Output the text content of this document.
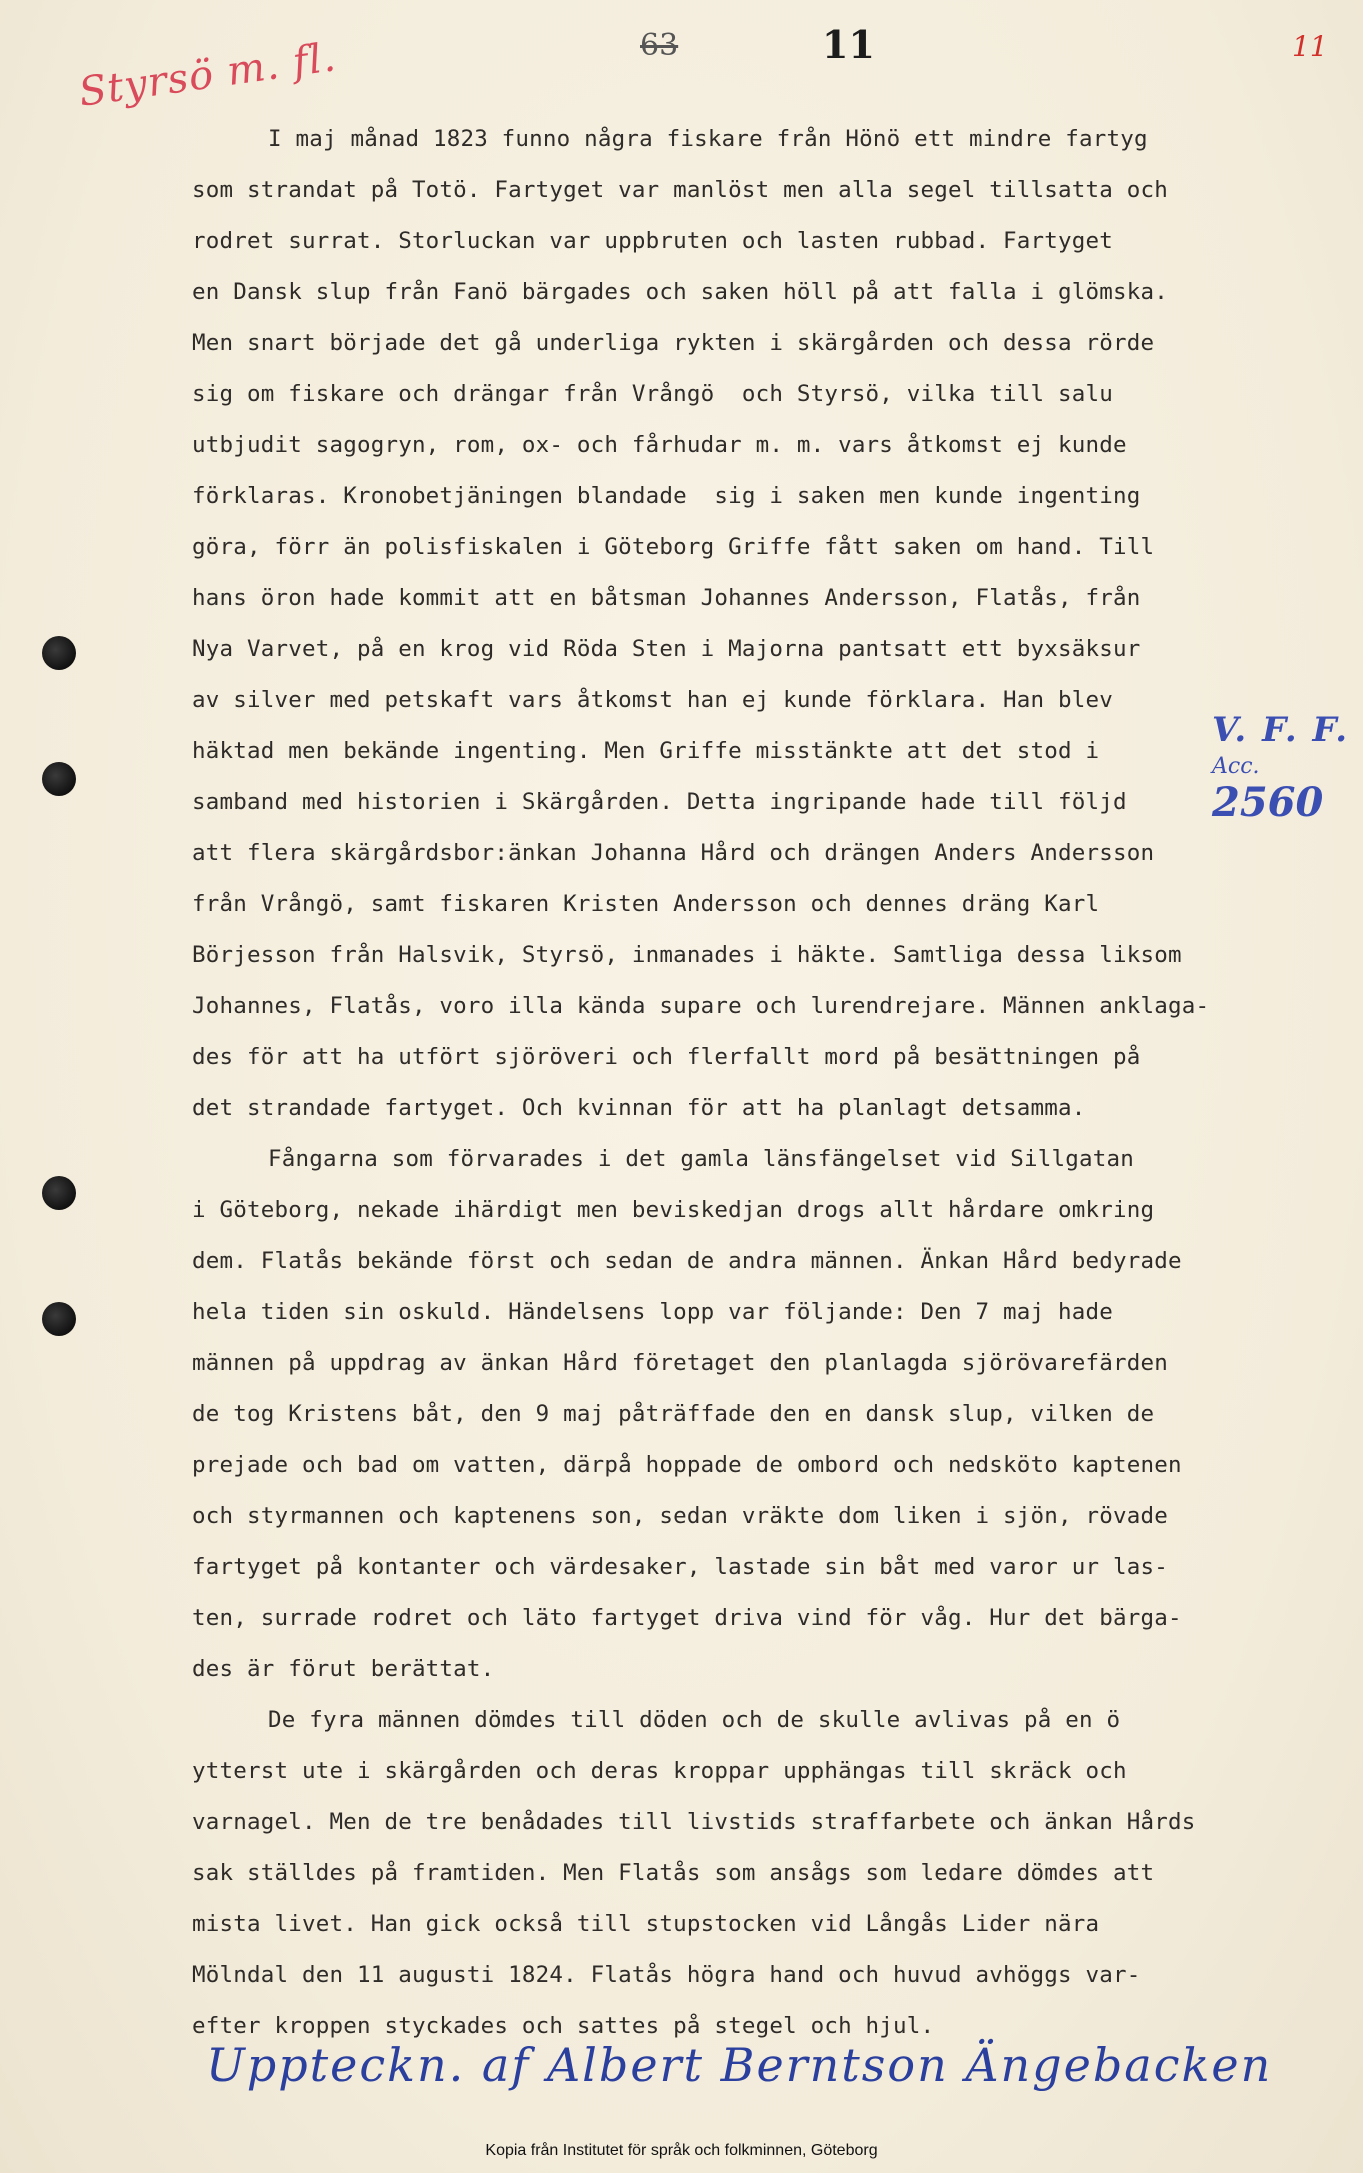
63	11	11
Styrsö m. fl.
I maj månad 1823 funno några fiskare från Hönö ett mindre fartyg
som strandat på Totö. Fartyget var manlöst men alla segel tillsatta och
rodret surrat. Storluckan var uppbruten och lasten rubbad. Fartyget
en Dansk slup från Fanö bärgades och saken höll på att falla i glömska.
Men snart började det gå underliga rykten i skärgården och dessa rörde
sig om fiskare och drängar från Vrångö  och Styrsö, vilka till salu
utbjudit sagogryn, rom, ox- och fårhudar m. m. vars åtkomst ej kunde
förklaras. Kronobetjäningen blandade  sig i saken men kunde ingenting
göra, förr än polisfiskalen i Göteborg Griffe fått saken om hand. Till
hans öron hade kommit att en båtsman Johannes Andersson, Flatås, från
Nya Varvet, på en krog vid Röda Sten i Majorna pantsatt ett byxsäksur
av silver med petskaft vars åtkomst han ej kunde förklara. Han blev
häktad men bekände ingenting. Men Griffe misstänkte att det stod i
samband med historien i Skärgården. Detta ingripande hade till följd
att flera skärgårdsbor:änkan Johanna Hård och drängen Anders Andersson
från Vrångö, samt fiskaren Kristen Andersson och dennes dräng Karl
Börjesson från Halsvik, Styrsö, inmanades i häkte. Samtliga dessa liksom
Johannes, Flatås, voro illa kända supare och lurendrejare. Männen anklaga-
des för att ha utfört sjöröveri och flerfallt mord på besättningen på
det strandade fartyget. Och kvinnan för att ha planlagt detsamma.
Fångarna som förvarades i det gamla länsfängelset vid Sillgatan
i Göteborg, nekade ihärdigt men beviskedjan drogs allt hårdare omkring
dem. Flatås bekände först och sedan de andra männen. Änkan Hård bedyrade
hela tiden sin oskuld. Händelsens lopp var följande: Den 7 maj hade
männen på uppdrag av änkan Hård företaget den planlagda sjörövarefärden
de tog Kristens båt, den 9 maj påträffade den en dansk slup, vilken de
prejade och bad om vatten, därpå hoppade de ombord och nedsköto kaptenen
och styrmannen och kaptenens son, sedan vräkte dom liken i sjön, rövade
fartyget på kontanter och värdesaker, lastade sin båt med varor ur las-
ten, surrade rodret och läto fartyget driva vind för våg. Hur det bärga-
des är förut berättat.
De fyra männen dömdes till döden och de skulle avlivas på en ö
ytterst ute i skärgården och deras kroppar upphängas till skräck och
varnagel. Men de tre benådades till livstids straffarbete och änkan Hårds
sak ställdes på framtiden. Men Flatås som ansågs som ledare dömdes att
mista livet. Han gick också till stupstocken vid Långås Lider nära
Mölndal den 11 augusti 1824. Flatås högra hand och huvud avhöggs var-
efter kroppen styckades och sattes på stegel och hjul.
V. F. F.
Acc. 2560
Uppteckn. af Albert Berntson Ängebacken
Kopia från Institutet för språk och folkminnen, Göteborg
